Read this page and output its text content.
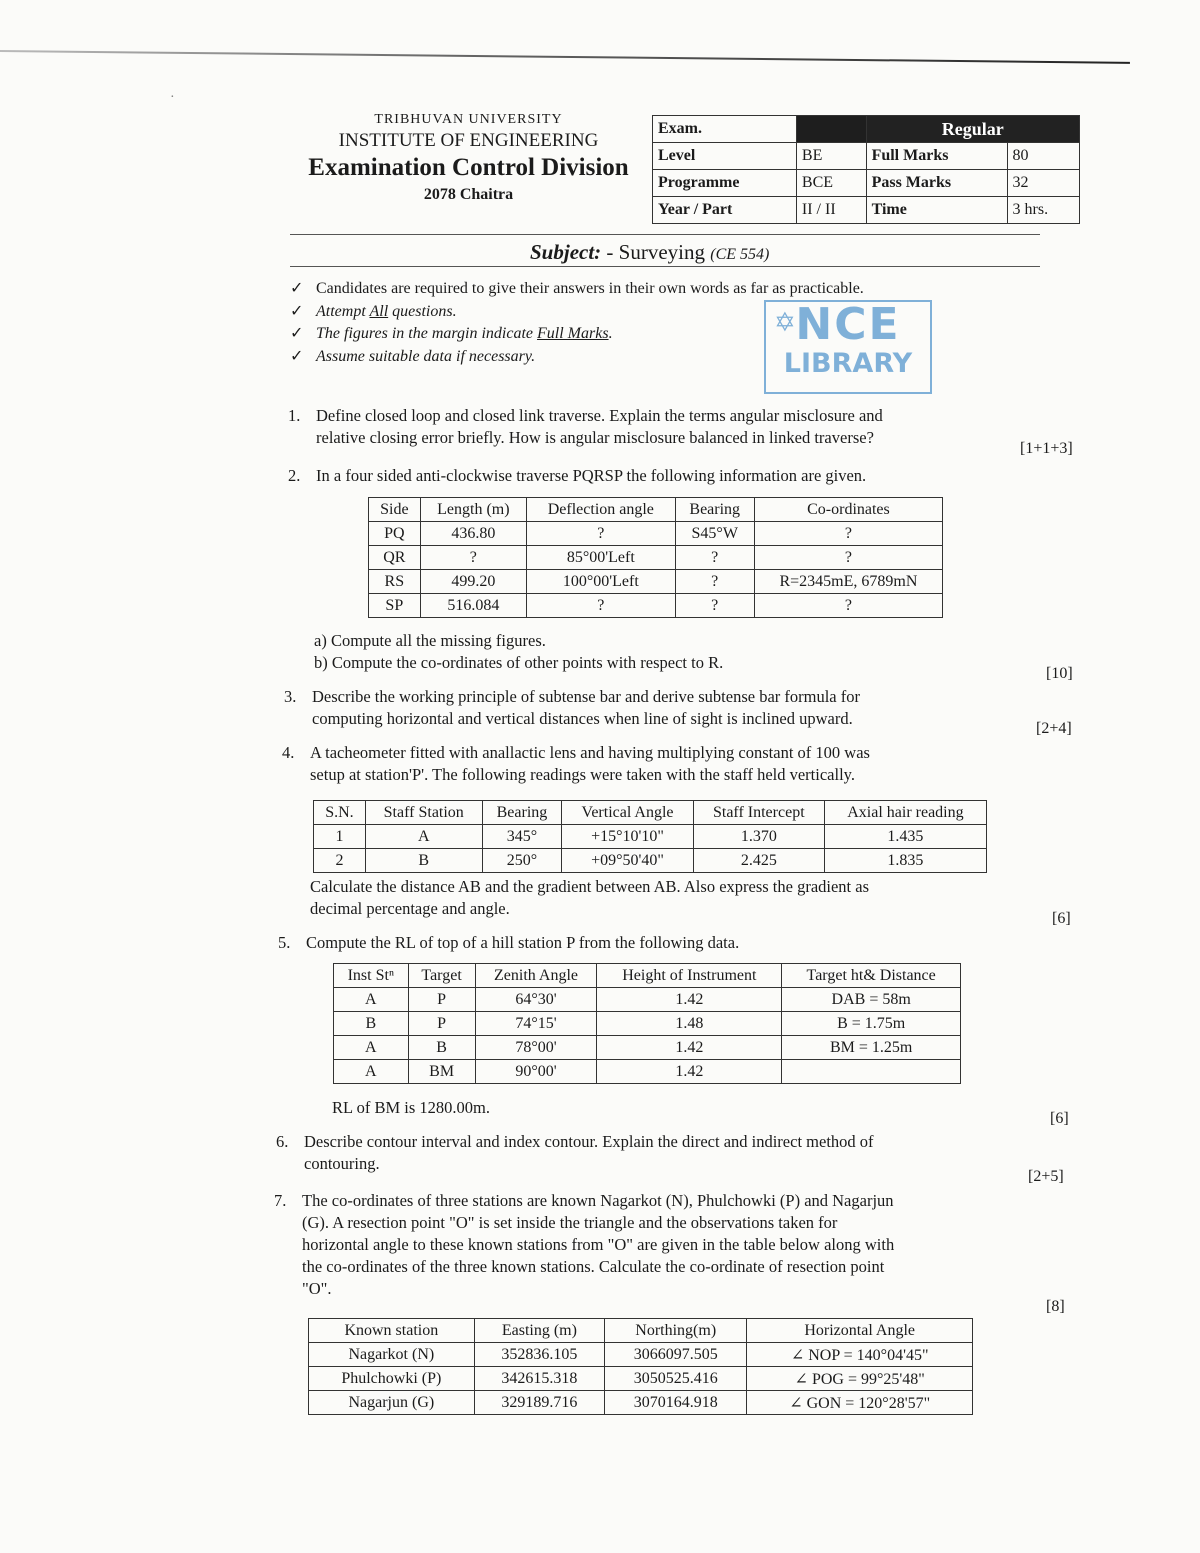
·
TRIBHUVAN UNIVERSITY
INSTITUTE OF ENGINEERING
Examination Control Division
2078 Chaitra
Exam.		Regular	
Level	BE	Full Marks	80
Programme	BCE	Pass Marks	32
Year / Part	II / II	Time	3 hrs.
Subject: - Surveying (CE 554)
✓ Candidates are required to give their answers in their own words as far as practicable.
✓ Attempt All questions.
✓ The figures in the margin indicate Full Marks.
✓ Assume suitable data if necessary.
✡ NCE
LIBRARY
1. Define closed loop and closed link traverse. Explain the terms angular misclosure and
relative closing error briefly. How is angular misclosure balanced in linked traverse?
[1+1+3]
2. In a four sided anti-clockwise traverse PQRSP the following information are given.
Side	Length (m)	Deflection angle	Bearing	Co-ordinates
PQ	436.80	?	S45°W	?
QR	?	85°00'Left	?	?
RS	499.20	100°00'Left	?	R=2345mE, 6789mN
SP	516.084	?	?	?
a) Compute all the missing figures.
b) Compute the co-ordinates of other points with respect to R.
[10]
3. Describe the working principle of subtense bar and derive subtense bar formula for
computing horizontal and vertical distances when line of sight is inclined upward.
[2+4]
4. A tacheometer fitted with anallactic lens and having multiplying constant of 100 was
setup at station'P'. The following readings were taken with the staff held vertically.
S.N.	Staff Station	Bearing	Vertical Angle	Staff Intercept	Axial hair reading
1	A	345°	+15°10'10"	1.370	1.435
2	B	250°	+09°50'40"	2.425	1.835
Calculate the distance AB and the gradient between AB. Also express the gradient as
decimal percentage and angle.
[6]
5. Compute the RL of top of a hill station P from the following data.
Inst Stⁿ	Target	Zenith Angle	Height of Instrument	Target ht& Distance
A	P	64°30'	1.42	DAB = 58m
B	P	74°15'	1.48	B = 1.75m
A	B	78°00'	1.42	BM = 1.25m
A	BM	90°00'	1.42	
RL of BM is 1280.00m.
[6]
6. Describe contour interval and index contour. Explain the direct and indirect method of
contouring.
[2+5]
7. The co-ordinates of three stations are known Nagarkot (N), Phulchowki (P) and Nagarjun
(G). A resection point "O" is set inside the triangle and the observations taken for
horizontal angle to these known stations from "O" are given in the table below along with
the co-ordinates of the three known stations. Calculate the co-ordinate of resection point
"O".
[8]
Known station	Easting (m)	Northing(m)	Horizontal Angle
Nagarkot (N)	352836.105	3066097.505	∠ NOP = 140°04'45"
Phulchowki (P)	342615.318	3050525.416	∠ POG = 99°25'48"
Nagarjun (G)	329189.716	3070164.918	∠ GON = 120°28'57"
